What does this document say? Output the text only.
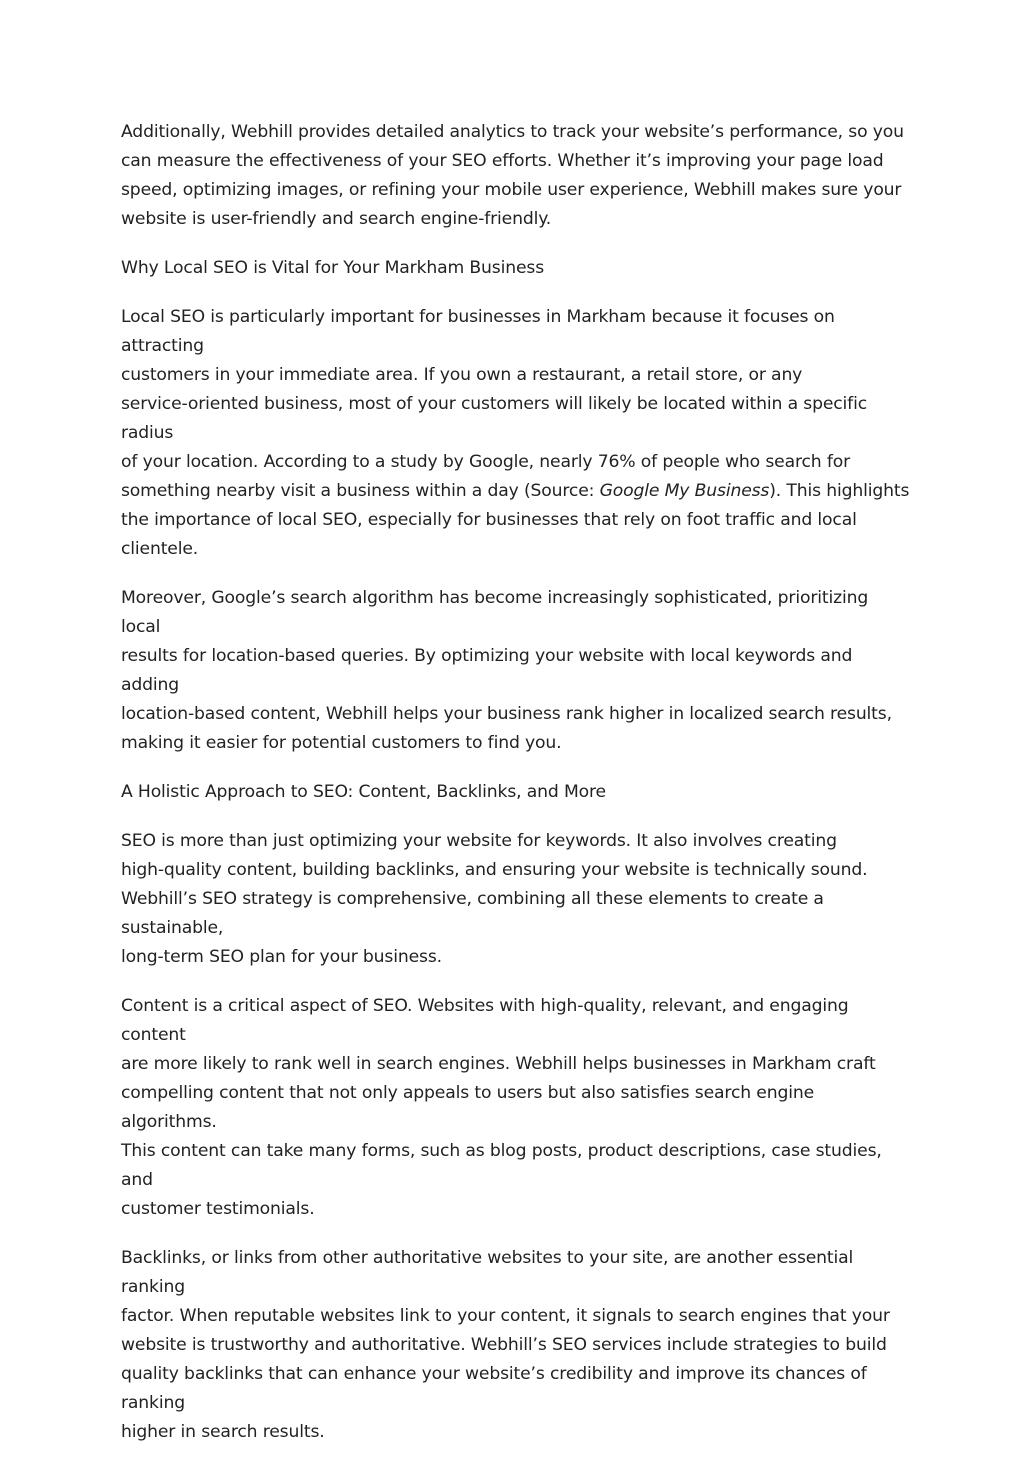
Additionally, Webhill provides detailed analytics to track your website’s performance, so you
can measure the effectiveness of your SEO efforts. Whether it’s improving your page load
speed, optimizing images, or refining your mobile user experience, Webhill makes sure your
website is user-friendly and search engine-friendly.

Why Local SEO is Vital for Your Markham Business

Local SEO is particularly important for businesses in Markham because it focuses on attracting
customers in your immediate area. If you own a restaurant, a retail store, or any
service-oriented business, most of your customers will likely be located within a specific radius
of your location. According to a study by Google, nearly 76% of people who search for
something nearby visit a business within a day (Source: Google My Business). This highlights
the importance of local SEO, especially for businesses that rely on foot traffic and local
clientele.

Moreover, Google’s search algorithm has become increasingly sophisticated, prioritizing local
results for location-based queries. By optimizing your website with local keywords and adding
location-based content, Webhill helps your business rank higher in localized search results,
making it easier for potential customers to find you.

A Holistic Approach to SEO: Content, Backlinks, and More

SEO is more than just optimizing your website for keywords. It also involves creating
high-quality content, building backlinks, and ensuring your website is technically sound.
Webhill’s SEO strategy is comprehensive, combining all these elements to create a sustainable,
long-term SEO plan for your business.

Content is a critical aspect of SEO. Websites with high-quality, relevant, and engaging content
are more likely to rank well in search engines. Webhill helps businesses in Markham craft
compelling content that not only appeals to users but also satisfies search engine algorithms.
This content can take many forms, such as blog posts, product descriptions, case studies, and
customer testimonials.

Backlinks, or links from other authoritative websites to your site, are another essential ranking
factor. When reputable websites link to your content, it signals to search engines that your
website is trustworthy and authoritative. Webhill’s SEO services include strategies to build
quality backlinks that can enhance your website’s credibility and improve its chances of ranking
higher in search results.
